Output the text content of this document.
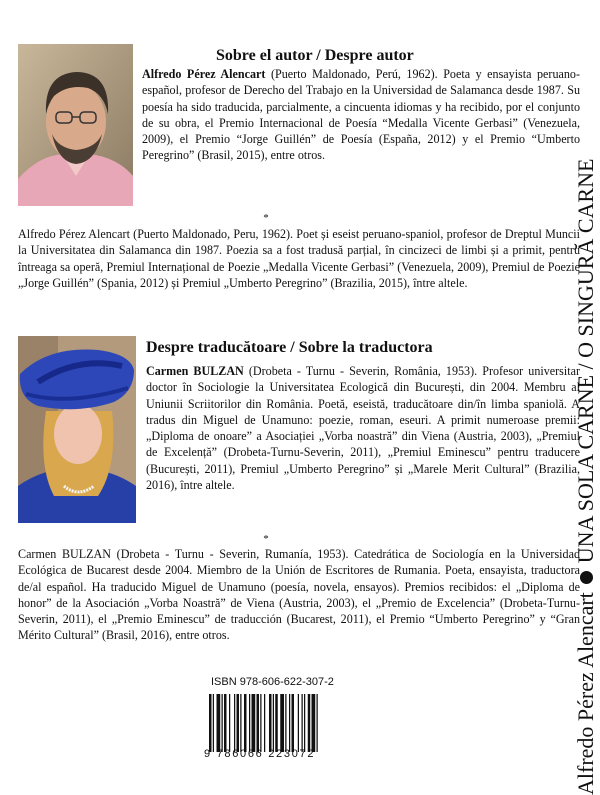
Sobre el autor / Despre autor
Alfredo Pérez Alencart (Puerto Maldonado, Perú, 1962). Poeta y ensayista peruano-español, profesor de Derecho del Trabajo en la Universidad de Salamanca desde 1987. Su poesía ha sido traducida, parcialmente, a cincuenta idiomas y ha recibido, por el conjunto de su obra, el Premio Internacional de Poesía “Medalla Vicente Gerbasi” (Venezuela, 2009), el Premio “Jorge Guillén” de Poesía (España, 2012) y el Premio “Umberto Peregrino” (Brasil, 2015), entre otros.
*
Alfredo Pérez Alencart (Puerto Maldonado, Peru, 1962). Poet și eseist peruano-spaniol, profesor de Dreptul Muncii la Universitatea din Salamanca din 1987. Poezia sa a fost tradusă parțial, în cincizeci de limbi și a primit, pentru întreaga sa operă, Premiul Internațional de Poezie „Medalla Vicente Gerbasi” (Venezuela, 2009), Premiul de Poezie „Jorge Guillén” (Spania, 2012) și Premiul „Umberto Peregrino” (Brazilia, 2015), între altele.
Despre traducătoare / Sobre la traductora
Carmen BULZAN (Drobeta - Turnu - Severin, România, 1953). Profesor universitar doctor în Sociologie la Universitatea Ecologică din București, din 2004. Membru al Uniunii Scriitorilor din România. Poetă, eseistă, traducătoare din/în limba spaniolă. A tradus din Miguel de Unamuno: poezie, roman, eseuri. A primit numeroase premii: „Diploma de onoare” a Asociației „Vorba noastră” din Viena (Austria, 2003), „Premiul de Excelență” (Drobeta-Turnu-Severin, 2011), „Premiul Eminescu” pentru traducere (București, 2011), Premiul „Umberto Peregrino” și „Marele Merit Cultural” (Brazilia, 2016), între altele.
*
Carmen BULZAN (Drobeta - Turnu - Severin, Rumanía, 1953). Catedrática de Sociología en la Universidad Ecológica de Bucarest desde 2004. Miembro de la Unión de Escritores de Rumania. Poeta, ensayista, traductora de/al español. Ha traducido Miguel de Unamuno (poesía, novela, ensayos). Premios recibidos: el „Diploma de honor” de la Asociación „Vorba Noastră” de Viena (Austria, 2003), el „Premio de Excelencia” (Drobeta-Turnu-Severin, 2011), el „Premio Eminescu” de traducción (Bucarest, 2011), el Premio “Umberto Peregrino” y “Gran Mérito Cultural” (Brasil, 2016), entre otros.
ISBN 978-606-622-307-2
9 786066 223072	Alfredo Pérez Alencart
UNA SOLA CARNE / O SINGURĂ CARNE
